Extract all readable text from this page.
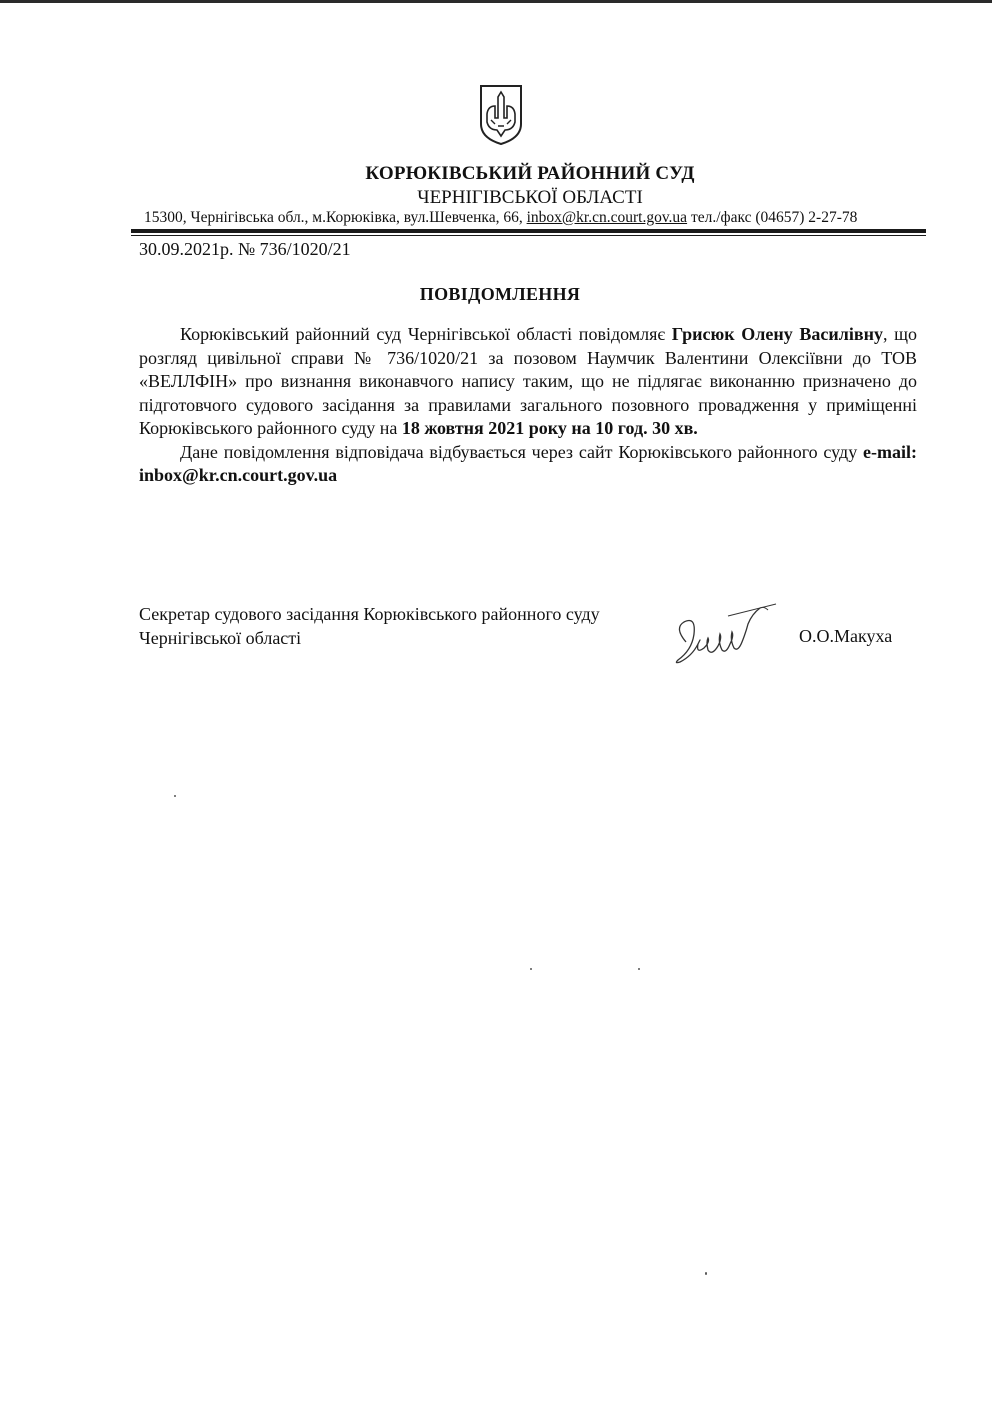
КОРЮКІВСЬКИЙ РАЙОННИЙ СУД
ЧЕРНІГІВСЬКОЇ ОБЛАСТІ
15300, Чернігівська обл., м.Корюківка, вул.Шевченка, 66, inbox@kr.cn.court.gov.ua тел./факс (04657) 2-27-78
30.09.2021р. № 736/1020/21
ПОВІДОМЛЕННЯ

Корюківський районний суд Чернігівської області повідомляє Грисюк Олену Василівну, що розгляд цивільної справи № 736/1020/21 за позовом Наумчик Валентини Олексіївни до ТОВ «ВЕЛЛФІН» про визнання виконавчого напису таким, що не підлягає виконанню призначено до підготовчого судового засідання за правилами загального позовного провадження у приміщенні Корюківського районного суду на 18 жовтня 2021 року на 10 год. 30 хв.

Дане повідомлення відповідача відбувається через сайт Корюківського районного суду e-mail: inbox@kr.cn.court.gov.ua

Секретар судового засідання Корюківського районного суду
Чернігівської області	О.О.Макуха
